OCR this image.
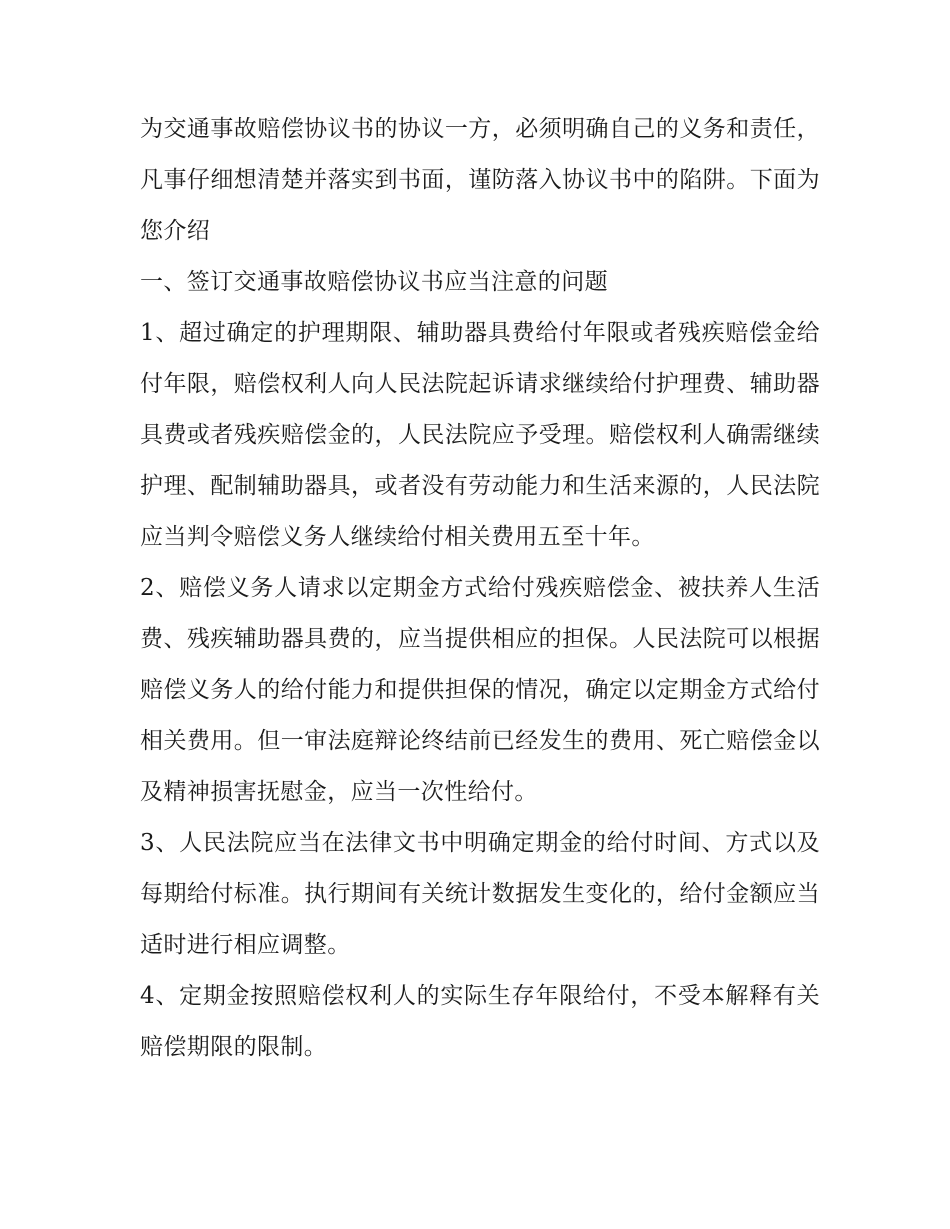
为交通事故赔偿协议书的协议一方，必须明确自己的义务和责任，凡事仔细想清楚并落实到书面，谨防落入协议书中的陷阱。下面为您介绍

一、签订交通事故赔偿协议书应当注意的问题

1、超过确定的护理期限、辅助器具费给付年限或者残疾赔偿金给付年限，赔偿权利人向人民法院起诉请求继续给付护理费、辅助器具费或者残疾赔偿金的，人民法院应予受理。赔偿权利人确需继续护理、配制辅助器具，或者没有劳动能力和生活来源的，人民法院应当判令赔偿义务人继续给付相关费用五至十年。

2、赔偿义务人请求以定期金方式给付残疾赔偿金、被扶养人生活费、残疾辅助器具费的，应当提供相应的担保。人民法院可以根据赔偿义务人的给付能力和提供担保的情况，确定以定期金方式给付相关费用。但一审法庭辩论终结前已经发生的费用、死亡赔偿金以及精神损害抚慰金，应当一次性给付。

3、人民法院应当在法律文书中明确定期金的给付时间、方式以及每期给付标准。执行期间有关统计数据发生变化的，给付金额应当适时进行相应调整。

4、定期金按照赔偿权利人的实际生存年限给付，不受本解释有关赔偿期限的限制。
